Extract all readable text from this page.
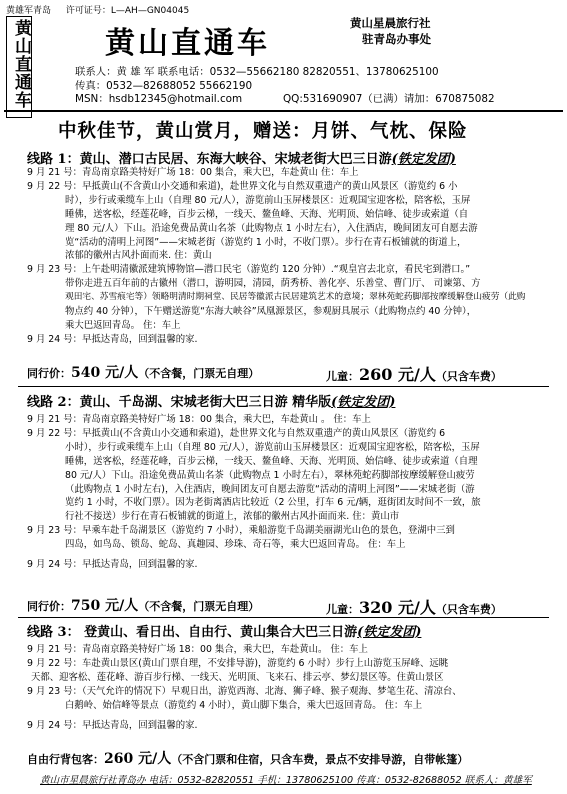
黄雄军青岛 许可证号：L—AH—GN04045
黄山直通车 黄山直通车

黄山星晨旅行社

驻青岛办事处

联系人：黄 雄 军 联系电话：0532—55662180 82820551、13780625100

传真：0532—82688052 55662190

MSN：hsdb12345@hotmail.com	QQ:531690907（已满）请加：670875082
中秋佳节，黄山赏月，赠送：月饼、气枕、保险
线路 1：黄山、潜口古民居、东海大峡谷、宋城老街大巴三日游(铁定发团)

9 月 21 号：青岛南京路美特好广场 18：00 集合，乘大巴，车赴黄山 住：车上

9 月 22 号：早抵黄山(不含黄山小交通和索道)，赴世界文化与自然双重遗产的黄山风景区（游览约 6 小

时），步行或乘缆车上山（自理 80 元/人），游览前山玉屏楼景区：近观国宝迎客松，陪客松，玉屏

睡佛，送客松，经莲花峰，百步云梯，一线天、鳌鱼峰、天海、光明顶、始信峰、徒步或索道（自

理 80 元/人）下山。沿途免费品黄山名茶（此购物点 1 小时左右），入住酒店，晚间团友可自愿去游

览“活动的清明上河图”——宋城老街（游览约 1 小时，不收门票）。步行在青石板铺就的街道上，

浓郁的徽州古风扑面而来. 住：黄山

9 月 23 号：上午赴明清徽派建筑博物馆—潜口民宅（游览约 120 分钟）.“观皇宫去北京，看民宅到潜口。”

带你走进五百年前的古徽州（潜口，游明园，清园，荫秀桥、善化亭、乐善堂、曹门厅、 司谏第、方

观田宅、苏雪痕宅等）领略明清时期祠堂、民居等徽派古民居建筑艺术的意境；翠林苑蛇药脚部按摩缓解登山疲劳（此购

物点约 40 分钟），下午赠送游览“东海大峡谷”凤凰源景区，参观厨具展示（此购物点约 40 分钟），

乘大巴返回青岛。 住：车上

9 月 24 号：早抵达青岛，回到温馨的家.

同行价：540 元/人（不含餐，门票无自理）	儿童：260 元/人（只含车费）
线路 2：黄山、千岛湖、宋城老街大巴三日游 精华版(铁定发团)

9 月 21 号：青岛南京路美特好广场 18：00 集合，乘大巴，车赴黄山 。 住：车上

9 月 22 号：早抵黄山(不含黄山小交通和索道)，赴世界文化与自然双重遗产的黄山风景区（游览约 6

小时），步行或乘缆车上山（自理 80 元/人），游览前山玉屏楼景区：近观国宝迎客松，陪客松，玉屏

睡佛，送客松，经莲花峰，百步云梯，一线天、鳌鱼峰、天海、光明顶、始信峰、徒步或索道（自理

80 元/人）下山。沿途免费品黄山名茶（此购物点 1 小时左右），翠林苑蛇药脚部按摩缓解登山疲劳

（此购物点 1 小时左右)，入住酒店，晚间团友可自愿去游览“活动的清明上河图”——宋城老街（游

览约 1 小时，不收门票）。因为老街离酒店比较近（2 公里，打车 6 元/辆，逛街团友时间不一致，旅

行社不接送）步行在青石板铺就的街道上，浓郁的徽州古风扑面而来. 住：黄山市

9 月 23 号：早乘车赴千岛湖景区（游览约 7 小时），乘船游览千岛湖美丽湖光山色的景色，登湖中三到

四岛，如鸟岛、锁岛、蛇岛、真趣园、珍珠、奇石等，乘大巴返回青岛。 住：车上

9 月 24 号：早抵达青岛，回到温馨的家.

同行价：750 元/人（不含餐，门票无自理）	儿童：320 元/人（只含车费）
线路 3： 登黄山、看日出、自由行、黄山集合大巴三日游(铁定发团)

9 月 21 号：青岛南京路美特好广场 18：00 集合，乘大巴，车赴黄山。 住：车上

9 月 22 号：车赴黄山景区(黄山门票自理，不安排导游)，游览约 6 小时）步行上山游览玉屏峰、远眺

天都、迎客松、莲花峰、游百步行梯、一线天、光明顶、飞来石、排云亭、梦幻景区等。住黄山景区

9 月 23 号：（天气允许的情况下）早观日出，游览西海、北海、狮子峰、猴子观海、梦笔生花、清凉台、

白鹅岭、始信峰等景点（游览约 4 小时），黄山脚下集合，乘大巴返回青岛。 住：车上

9 月 24 号：早抵达青岛，回到温馨的家.

自由行背包客：260 元/人（不含门票和住宿，只含车费，景点不安排导游，自带帐篷）
黄山市星晨旅行社青岛办 电话：0532-82820551 手机：13780625100 传真：0532-82688052 联系人：黄雄军
